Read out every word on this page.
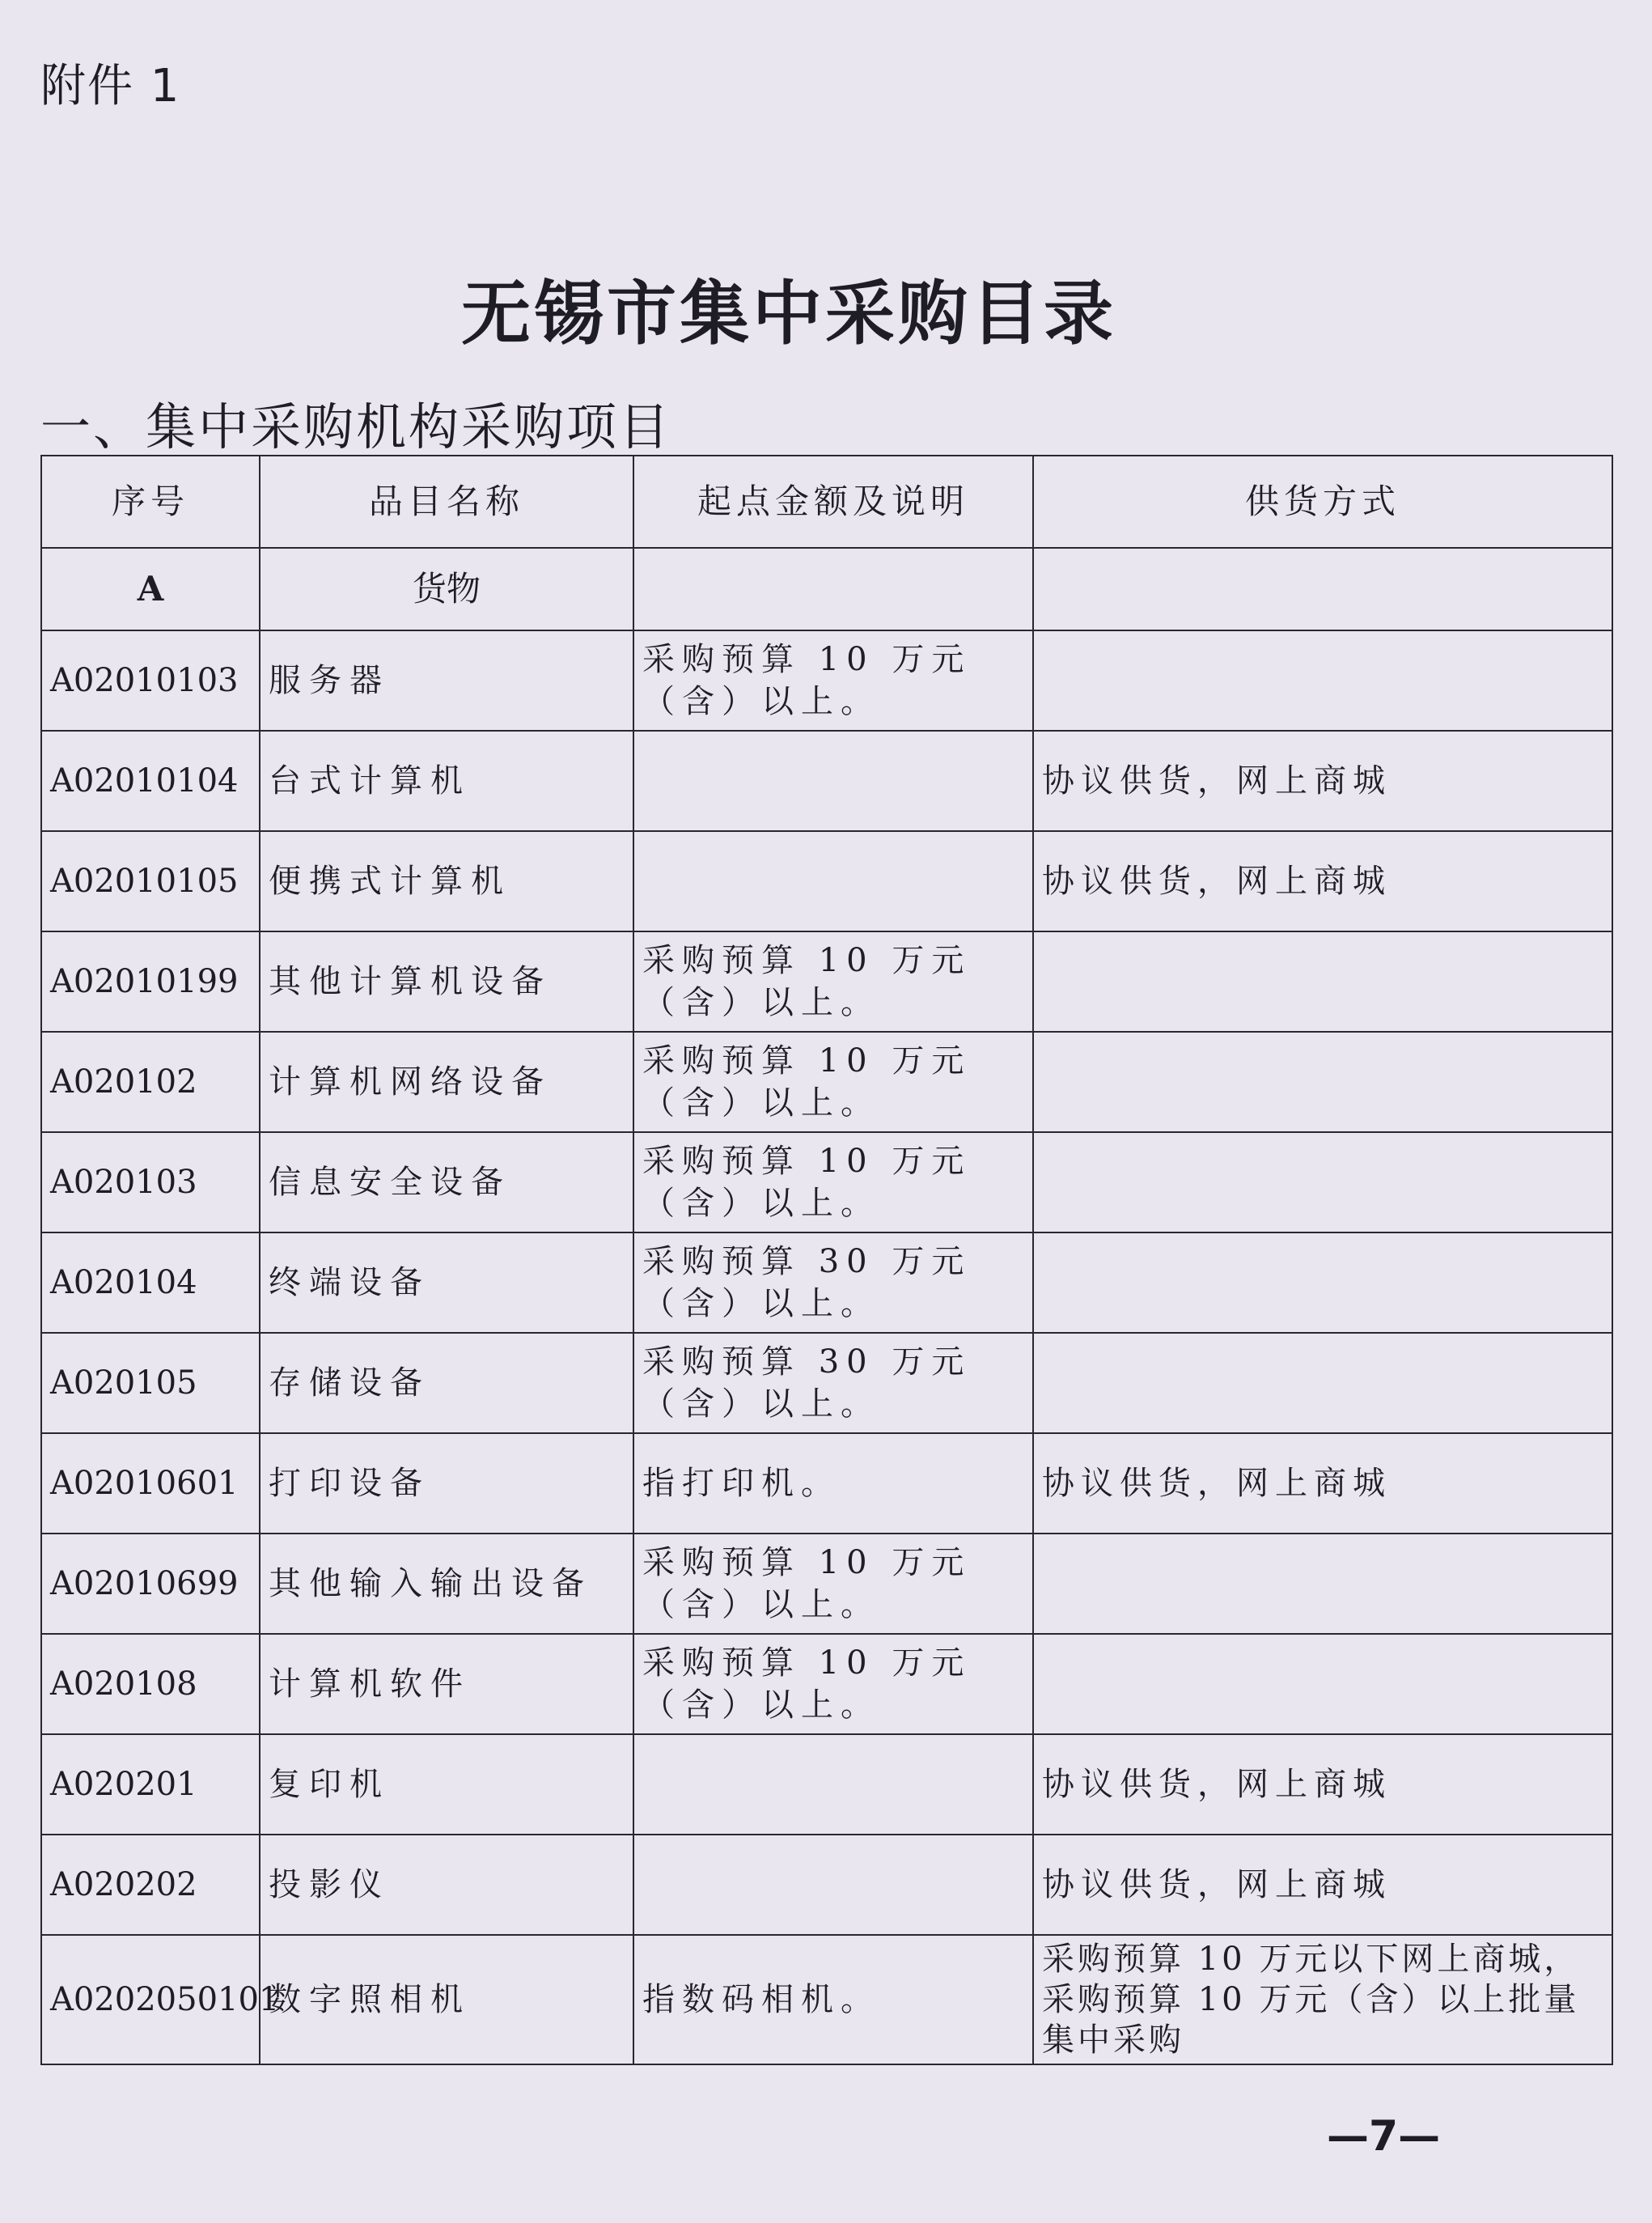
附件 1
无锡市集中采购目录
一、集中采购机构采购项目
序号	品目名称	起点金额及说明	供货方式
A	货物		
A02010103	服务器	采购预算 10 万元（含）以上。	
A02010104	台式计算机		协议供货，网上商城
A02010105	便携式计算机		协议供货，网上商城
A02010199	其他计算机设备	采购预算 10 万元（含）以上。	
A020102	计算机网络设备	采购预算 10 万元（含）以上。	
A020103	信息安全设备	采购预算 10 万元（含）以上。	
A020104	终端设备	采购预算 30 万元（含）以上。	
A020105	存储设备	采购预算 30 万元（含）以上。	
A02010601	打印设备	指打印机。	协议供货，网上商城
A02010699	其他输入输出设备	采购预算 10 万元（含）以上。	
A020108	计算机软件	采购预算 10 万元（含）以上。	
A020201	复印机		协议供货，网上商城
A020202	投影仪		协议供货，网上商城
A0202050101	数字照相机	指数码相机。	采购预算 10 万元以下网上商城，采购预算 10 万元（含）以上批量集中采购
—7—
